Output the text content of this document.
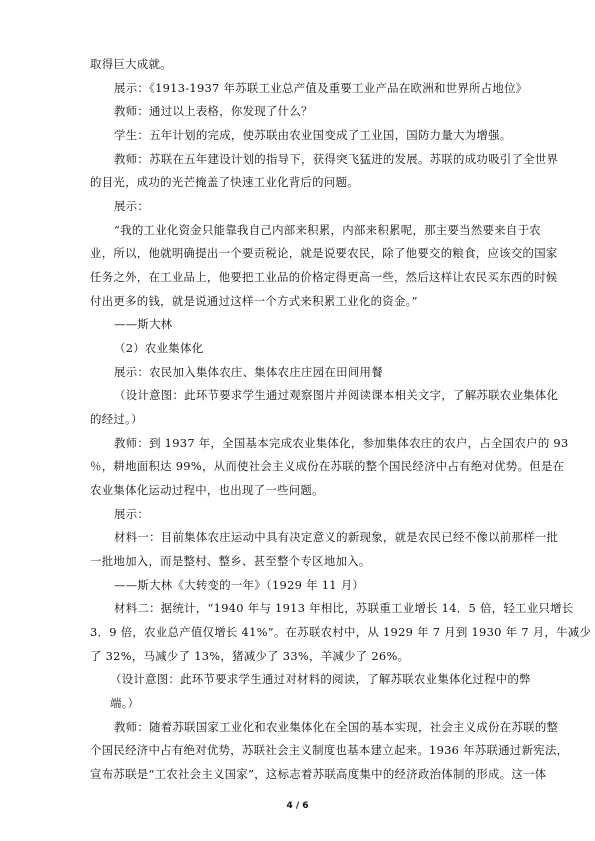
取得巨大成就。
展示：《1913-1937 年苏联工业总产值及重要工业产品在欧洲和世界所占地位》
教师：通过以上表格，你发现了什么？
学生：五年计划的完成，使苏联由农业国变成了工业国，国防力量大为增强。
教师：苏联在五年建设计划的指导下，获得突飞猛进的发展。苏联的成功吸引了全世界
的目光，成功的光芒掩盖了快速工业化背后的问题。
展示：
“我的工业化资金只能靠我自己内部来积累，内部来积累呢，那主要当然要来自于农
业，所以，他就明确提出一个要贡税论，就是说要农民，除了他要交的粮食，应该交的国家
任务之外，在工业品上，他要把工业品的价格定得更高一些，然后这样让农民买东西的时候
付出更多的钱，就是说通过这样一个方式来积累工业化的资金。”
——斯大林
（2）农业集体化
展示：农民加入集体农庄、集体农庄庄园在田间用餐
（设计意图：此环节要求学生通过观察图片并阅读课本相关文字，了解苏联农业集体化
的经过。）
教师：到 1937 年，全国基本完成农业集体化，参加集体农庄的农户，占全国农户的 93
％，耕地面积达 99%，从而使社会主义成份在苏联的整个国民经济中占有绝对优势。但是在
农业集体化运动过程中，也出现了一些问题。
展示：
材料一：目前集体农庄运动中具有决定意义的新现象，就是农民已经不像以前那样一批
一批地加入，而是整村、整乡、甚至整个专区地加入。
——斯大林《大转变的一年》（1929 年 11 月）
材料二：据统计，“1940 年与 1913 年相比，苏联重工业增长 14．5 倍，轻工业只增长
3．9 倍，农业总产值仅增长 41%”。在苏联农村中，从 1929 年 7 月到 1930 年 7 月，牛减少
了 32%，马减少了 13%，猪减少了 33%，羊减少了 26%。
（设计意图：此环节要求学生通过对材料的阅读，了解苏联农业集体化过程中的弊
端。）
教师：随着苏联国家工业化和农业集体化在全国的基本实现，社会主义成份在苏联的整
个国民经济中占有绝对优势，苏联社会主义制度也基本建立起来。1936 年苏联通过新宪法，
宣布苏联是“工农社会主义国家”，这标志着苏联高度集中的经济政治体制的形成。这一体
4 / 6
